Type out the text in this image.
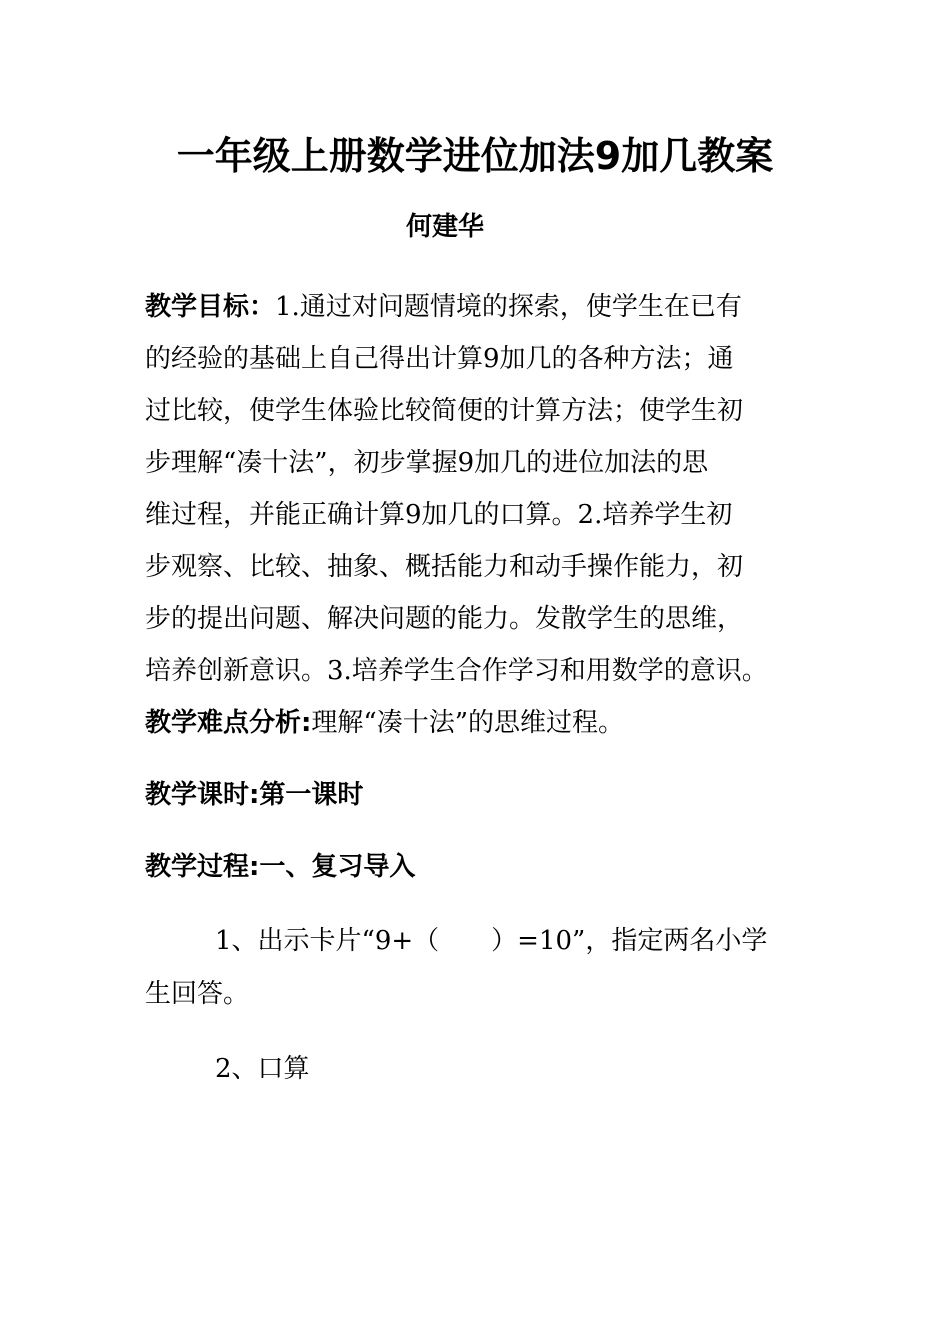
一年级上册数学进位加法9加几教案
何建华
教学目标：1.通过对问题情境的探索，使学生在已有
的经验的基础上自己得出计算9加几的各种方法；通
过比较，使学生体验比较简便的计算方法；使学生初
步理解“凑十法”，初步掌握9加几的进位加法的思
维过程，并能正确计算9加几的口算。2.培养学生初
步观察、比较、抽象、概括能力和动手操作能力，初
步的提出问题、解决问题的能力。发散学生的思维，
培养创新意识。3.培养学生合作学习和用数学的意识。
教学难点分析:理解“凑十法”的思维过程。
教学课时:第一课时
教学过程:一、复习导入
1、出示卡片“9+（　　）=10”，指定两名小学
生回答。
2、口算
